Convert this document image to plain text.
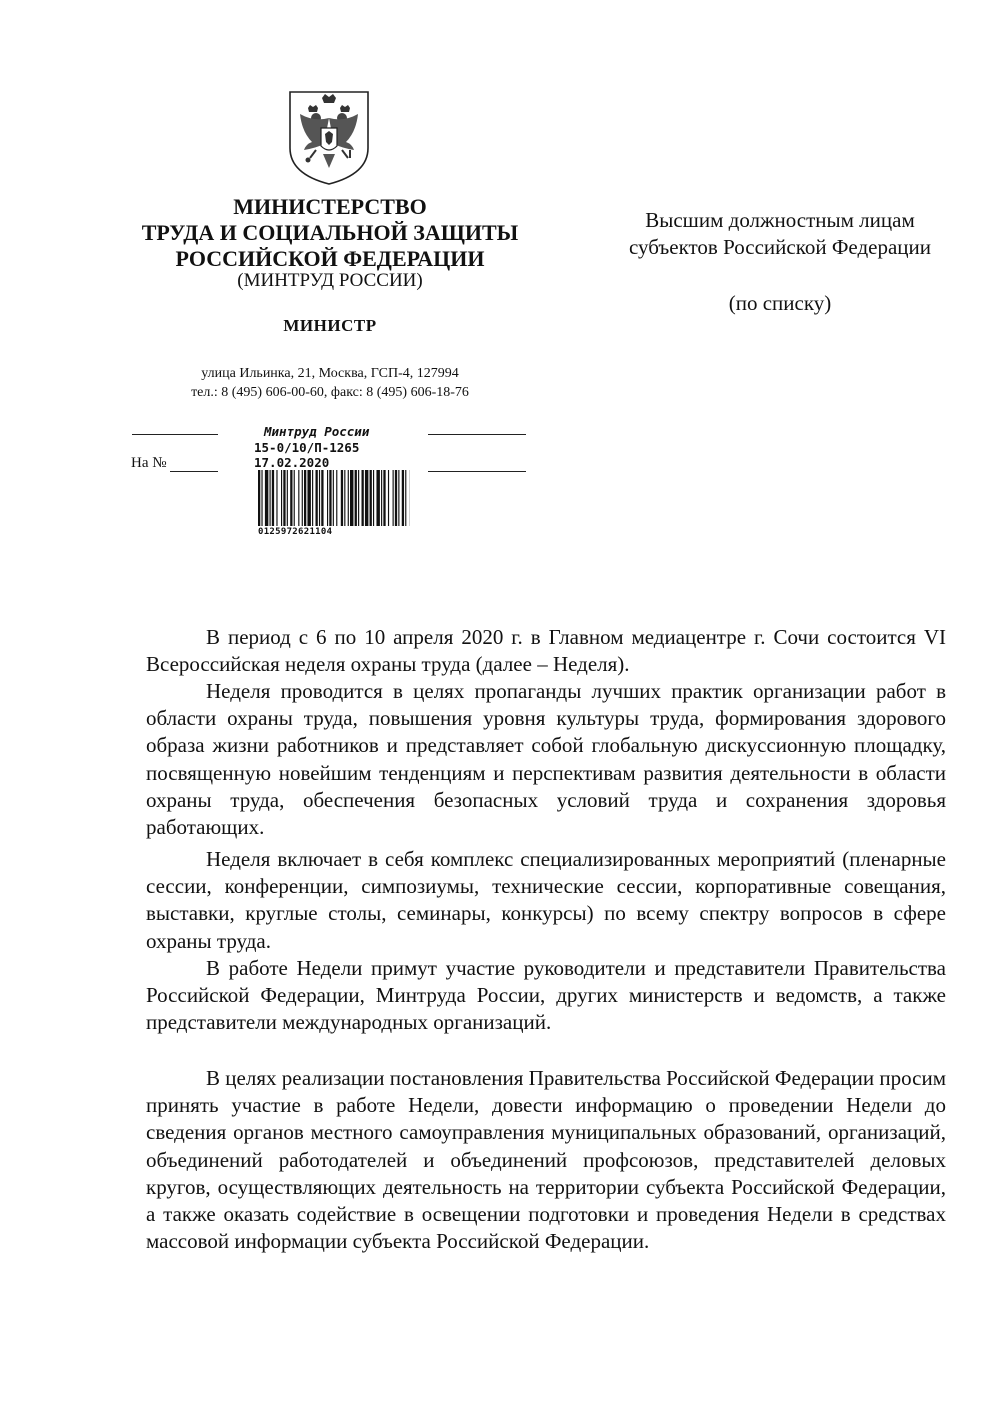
МИНИСТЕРСТВО
ТРУДА И СОЦИАЛЬНОЙ ЗАЩИТЫ
РОССИЙСКОЙ ФЕДЕРАЦИИ
(МИНТРУД РОССИИ)
МИНИСТР
улица Ильинка, 21, Москва, ГСП-4, 127994
тел.: 8 (495) 606-00-60, факс: 8 (495) 606-18-76
Высшим должностным лицам
субъектов Российской Федерации
(по списку)
На №
Минтруд России
15-0/10/П-1265
17.02.2020
0125972621104

В период с 6 по 10 апреля 2020 г. в Главном медиацентре г. Сочи состоится VI Всероссийская неделя охраны труда (далее – Неделя).

Неделя проводится в целях пропаганды лучших практик организации работ в области охраны труда, повышения уровня культуры труда, формирования здорового образа жизни работников и представляет собой глобальную дискуссионную площадку, посвященную новейшим тенденциям и перспективам развития деятельности в области охраны труда, обеспечения безопасных условий труда и сохранения здоровья работающих.

Неделя включает в себя комплекс специализированных мероприятий (пленарные сессии, конференции, симпозиумы, технические сессии, корпоративные совещания, выставки, круглые столы, семинары, конкурсы) по всему спектру вопросов в сфере охраны труда.

В работе Недели примут участие руководители и представители Правительства Российской Федерации, Минтруда России, других министерств и ведомств, а также представители международных организаций.

В целях реализации постановления Правительства Российской Федерации просим принять участие в работе Недели, довести информацию о проведении Недели до сведения органов местного самоуправления муниципальных образований, организаций, объединений работодателей и объединений профсоюзов, представителей деловых кругов, осуществляющих деятельность на территории субъекта Российской Федерации, а также оказать содействие в освещении подготовки и проведения Недели в средствах массовой информации субъекта Российской Федерации.
